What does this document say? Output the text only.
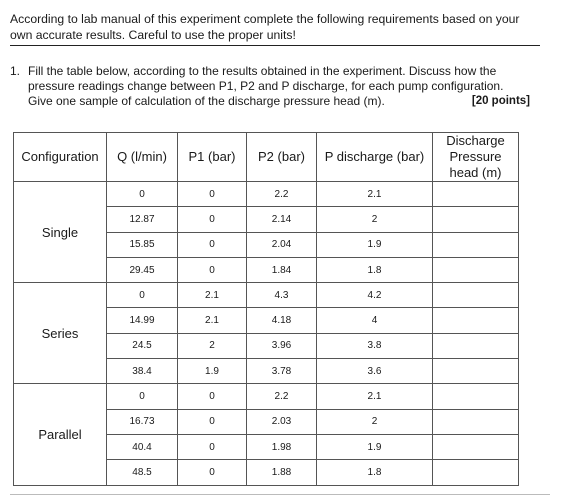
According to lab manual of this experiment complete the following requirements based on your own accurate results. Careful to use the proper units!
1. Fill the table below, according to the results obtained in the experiment. Discuss how the
pressure readings change between P1, P2 and P discharge, for each pump configuration.
Give one sample of calculation of the discharge pressure head (m).	[20 points]
Configuration	Q (l/min)	P1 (bar)	P2 (bar)	P discharge (bar)	Discharge
Pressure
head (m)

Single	0	0	2.2	2.1	
	12.87	0	2.14	2	
	15.85	0	2.04	1.9	
	29.45	0	1.84	1.8	
Series	0	2.1	4.3	4.2	
	14.99	2.1	4.18	4	
	24.5	2	3.96	3.8	
	38.4	1.9	3.78	3.6	
Parallel	0	0	2.2	2.1	
	16.73	0	2.03	2	
	40.4	0	1.98	1.9	
	48.5	0	1.88	1.8	
